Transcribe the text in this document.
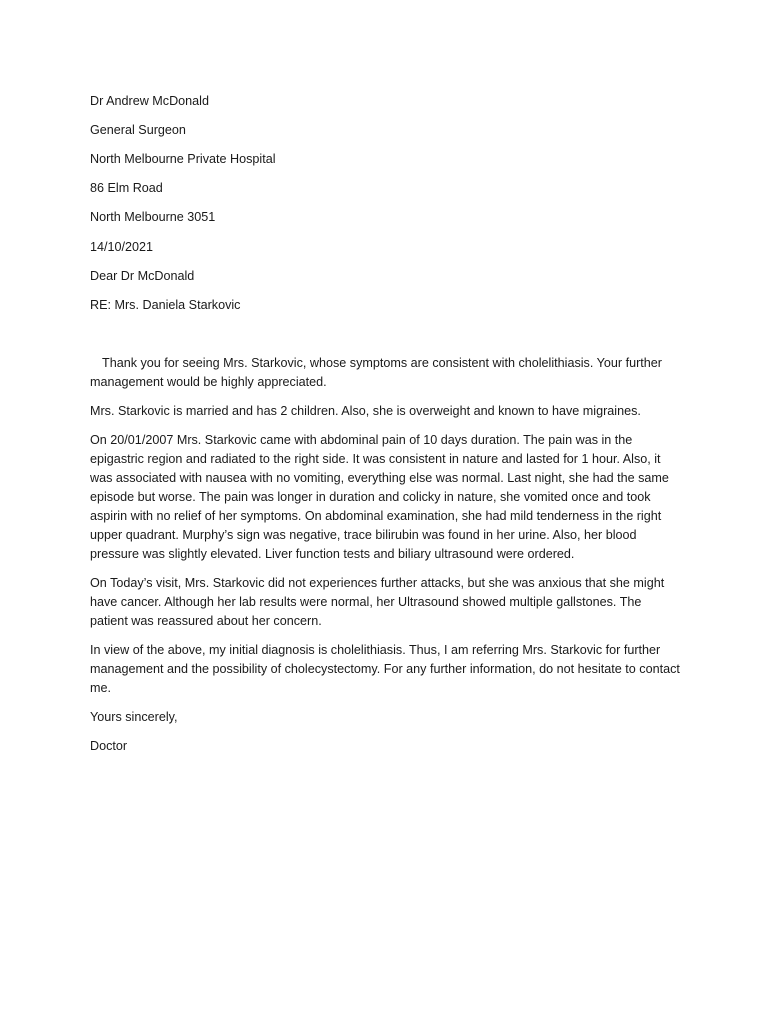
Dr Andrew McDonald

General Surgeon

North Melbourne Private Hospital

86 Elm Road

North Melbourne 3051

14/10/2021

Dear Dr McDonald

RE: Mrs. Daniela Starkovic

Thank you for seeing Mrs. Starkovic, whose symptoms are consistent with cholelithiasis. Your further management would be highly appreciated.

Mrs. Starkovic is married and has 2 children. Also, she is overweight and known to have migraines.

On 20/01/2007 Mrs. Starkovic came with abdominal pain of 10 days duration. The pain was in the epigastric region and radiated to the right side. It was consistent in nature and lasted for 1 hour. Also, it was associated with nausea with no vomiting, everything else was normal. Last night, she had the same episode but worse. The pain was longer in duration and colicky in nature, she vomited once and took aspirin with no relief of her symptoms. On abdominal examination, she had mild tenderness in the right upper quadrant. Murphy’s sign was negative, trace bilirubin was found in her urine. Also, her blood pressure was slightly elevated. Liver function tests and biliary ultrasound were ordered.

On Today’s visit, Mrs. Starkovic did not experiences further attacks, but she was anxious that she might have cancer. Although her lab results were normal, her Ultrasound showed multiple gallstones. The patient was reassured about her concern.

In view of the above, my initial diagnosis is cholelithiasis. Thus, I am referring Mrs. Starkovic for further management and the possibility of cholecystectomy. For any further information, do not hesitate to contact me.

Yours sincerely,

Doctor
